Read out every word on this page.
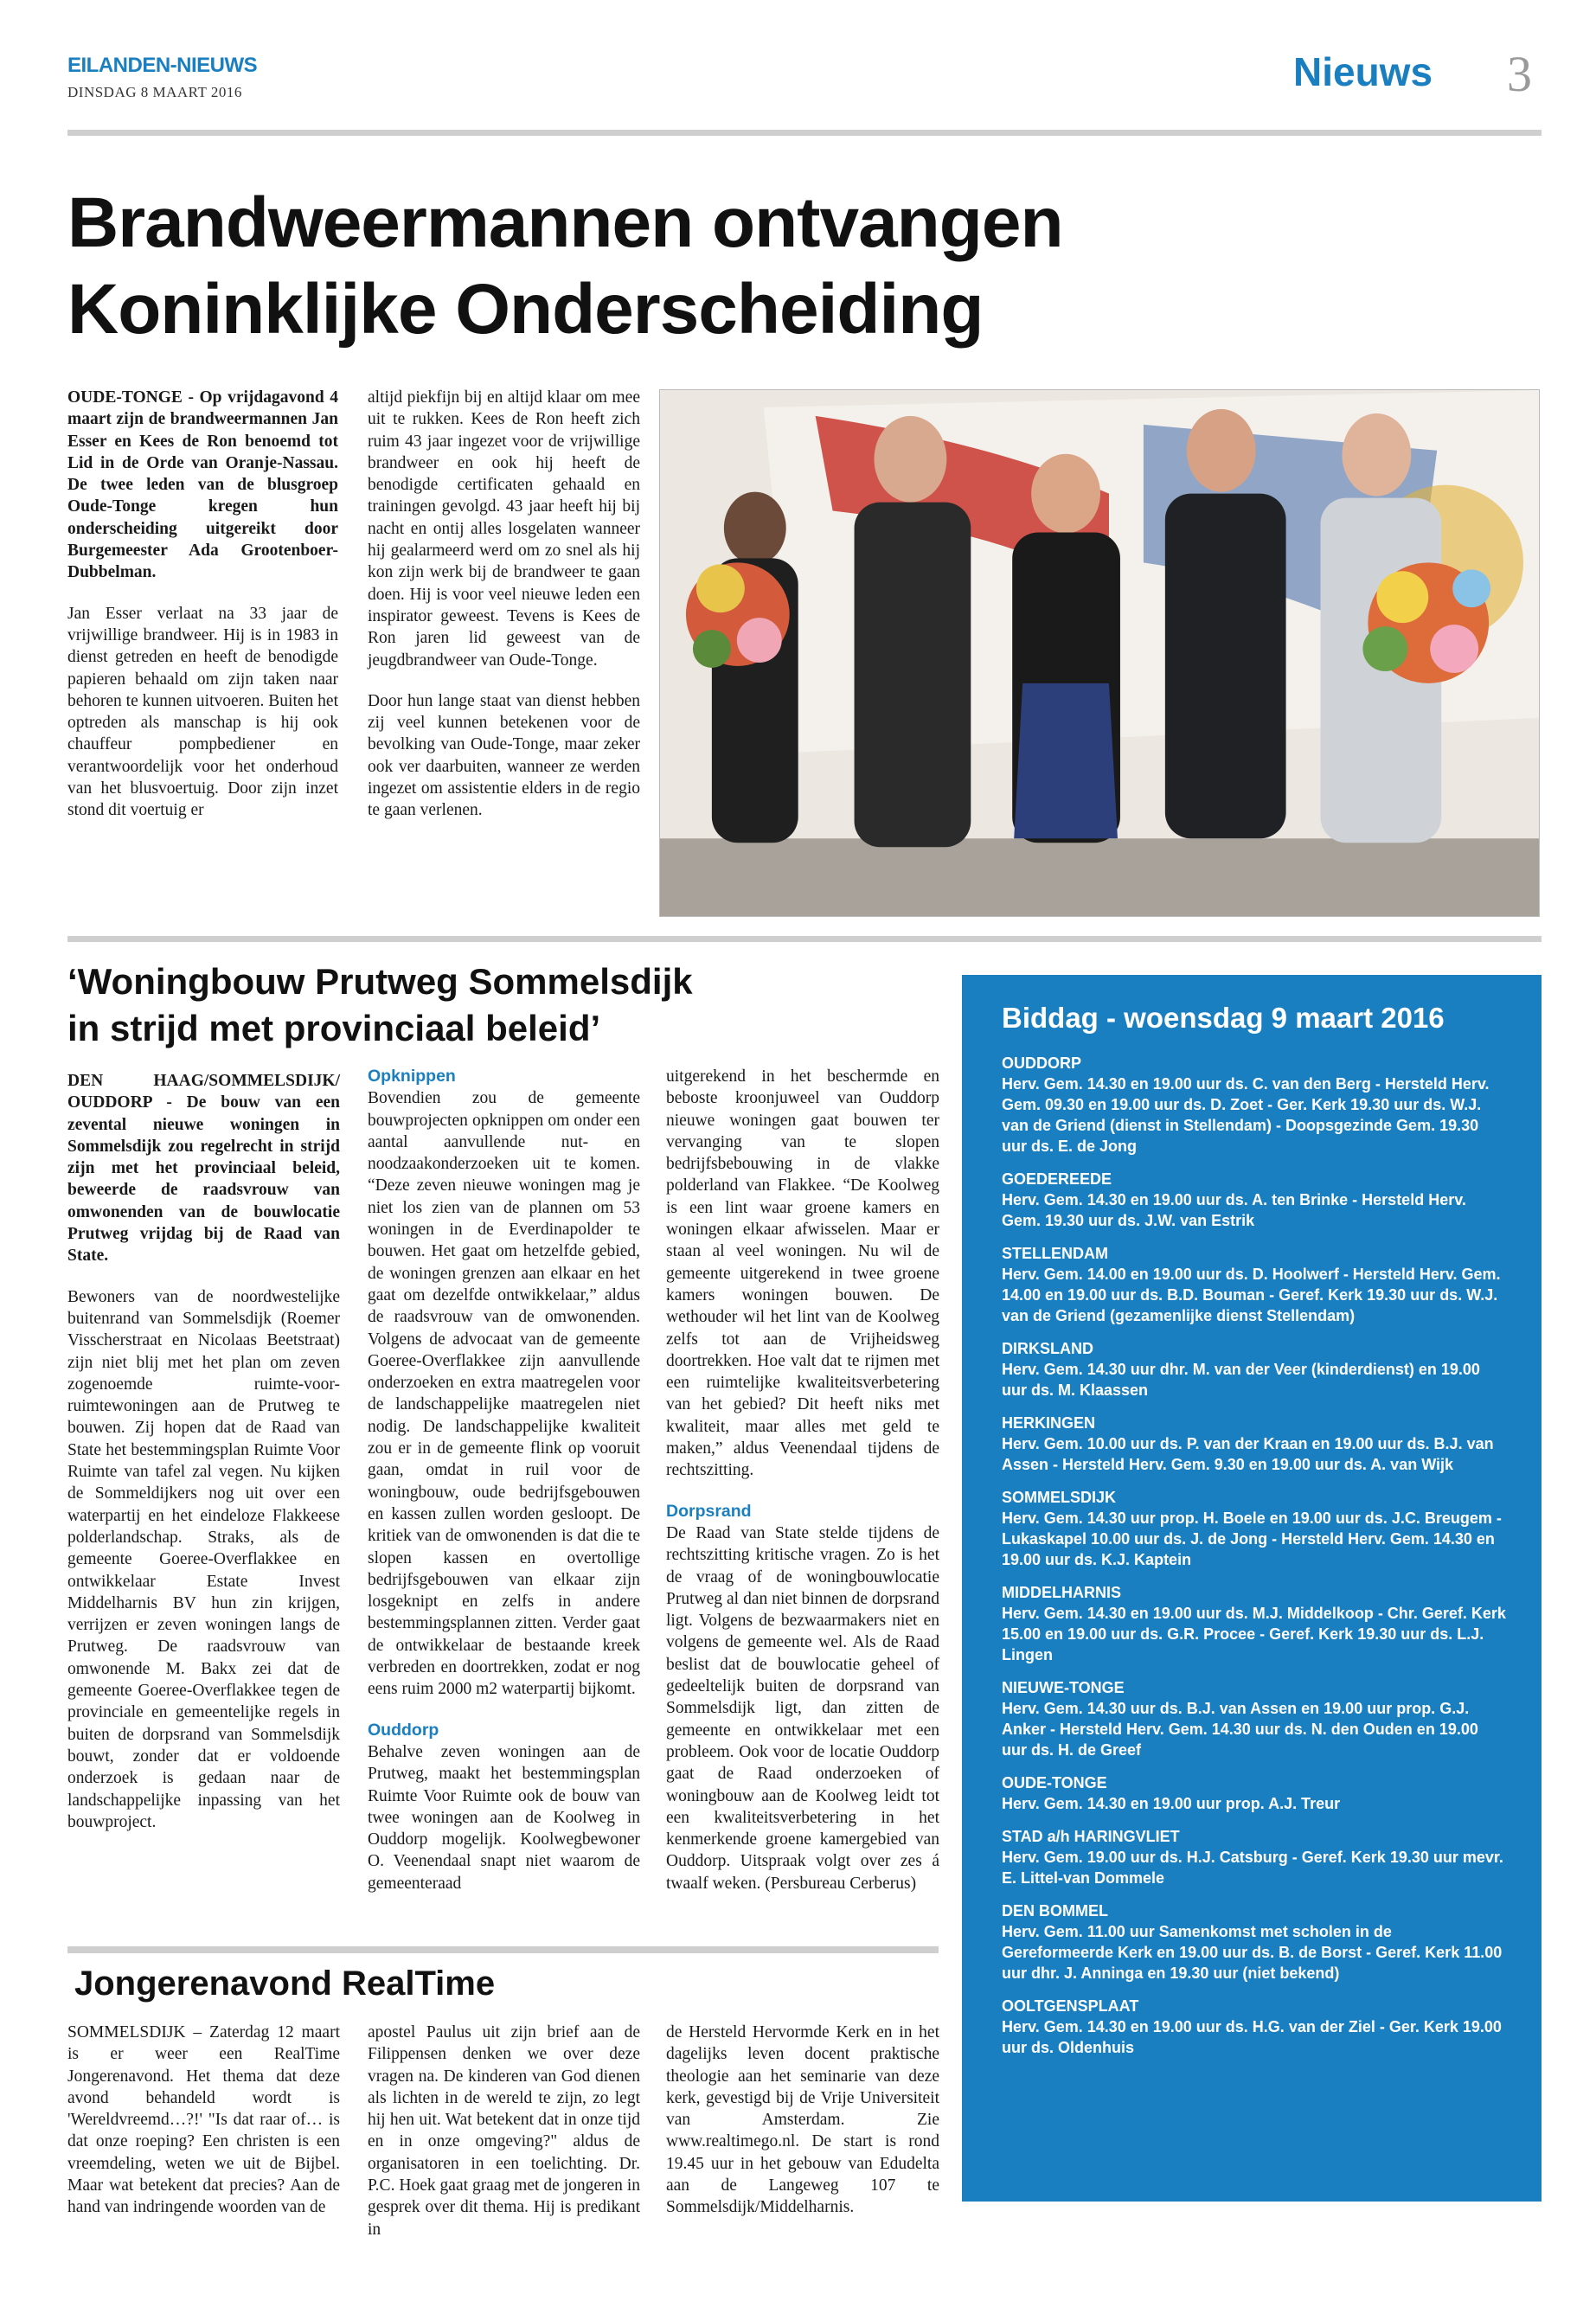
EILANDEN-NIEUWS
DINSDAG 8 MAART 2016	Nieuws 3
Brandweermannen ontvangen
Koninklijke Onderscheiding

OUDE-TONGE - Op vrijdagavond 4 maart zijn de brandweermannen Jan Esser en Kees de Ron benoemd tot Lid in de Orde van Oranje-Nassau. De twee leden van de blusgroep Oude-Tonge kregen hun onderscheiding uitgereikt door Burgemeester Ada Grootenboer-Dubbelman.

Jan Esser verlaat na 33 jaar de vrijwillige brandweer. Hij is in 1983 in dienst getreden en heeft de benodigde papieren behaald om zijn taken naar behoren te kunnen uitvoeren. Buiten het optreden als manschap is hij ook chauffeur pompbediener en verantwoordelijk voor het onderhoud van het blusvoertuig. Door zijn inzet stond dit voertuig er

altijd piekfijn bij en altijd klaar om mee uit te rukken. Kees de Ron heeft zich ruim 43 jaar ingezet voor de vrijwillige brandweer en ook hij heeft de benodigde certificaten gehaald en trainingen gevolgd. 43 jaar heeft hij bij nacht en ontij alles losgelaten wanneer hij gealarmeerd werd om zo snel als hij kon zijn werk bij de brandweer te gaan doen. Hij is voor veel nieuwe leden een inspirator geweest. Tevens is Kees de Ron jaren lid geweest van de jeugdbrandweer van Oude-Tonge.

Door hun lange staat van dienst hebben zij veel kunnen betekenen voor de bevolking van Oude-Tonge, maar zeker ook ver daarbuiten, wanneer ze werden ingezet om assistentie elders in de regio te gaan verlenen.

‘Woningbouw Prutweg Sommelsdijk
in strijd met provinciaal beleid’

DEN HAAG/SOMMELSDIJK/ OUDDORP - De bouw van een zevental nieuwe woningen in Sommelsdijk zou regelrecht in strijd zijn met het provinciaal beleid, beweerde de raadsvrouw van omwonenden van de bouwlocatie Prutweg vrijdag bij de Raad van State.

Bewoners van de noordwestelijke buitenrand van Sommelsdijk (Roemer Visscherstraat en Nicolaas Beetstraat) zijn niet blij met het plan om zeven zogenoemde ruimte-voor-ruimtewoningen aan de Prutweg te bouwen. Zij hopen dat de Raad van State het bestemmingsplan Ruimte Voor Ruimte van tafel zal vegen. Nu kijken de Sommeldijkers nog uit over een waterpartij en het eindeloze Flakkeese polderlandschap. Straks, als de gemeente Goeree-Overflakkee en ontwikkelaar Estate Invest Middelharnis BV hun zin krijgen, verrijzen er zeven woningen langs de Prutweg. De raadsvrouw van omwonende M. Bakx zei dat de gemeente Goeree-Overflakkee tegen de provinciale en gemeentelijke regels in buiten de dorpsrand van Sommelsdijk bouwt, zonder dat er voldoende onderzoek is gedaan naar de landschappelijke inpassing van het bouwproject.

Opknippen

Bovendien zou de gemeente bouwprojecten opknippen om onder een aantal aanvullende nut- en noodzaakonderzoeken uit te komen. “Deze zeven nieuwe woningen mag je niet los zien van de plannen om 53 woningen in de Everdinapolder te bouwen. Het gaat om hetzelfde gebied, de woningen grenzen aan elkaar en het gaat om dezelfde ontwikkelaar,” aldus de raadsvrouw van de omwonenden. Volgens de advocaat van de gemeente Goeree-Overflakkee zijn aanvullende onderzoeken en extra maatregelen voor de landschappelijke maatregelen niet nodig. De landschappelijke kwaliteit zou er in de gemeente flink op vooruit gaan, omdat in ruil voor de woningbouw, oude bedrijfsgebouwen en kassen zullen worden gesloopt. De kritiek van de omwonenden is dat die te slopen kassen en overtollige bedrijfsgebouwen van elkaar zijn losgeknipt en zelfs in andere bestemmingsplannen zitten. Verder gaat de ontwikkelaar de bestaande kreek verbreden en doortrekken, zodat er nog eens ruim 2000 m2 waterpartij bijkomt.

Ouddorp

Behalve zeven woningen aan de Prutweg, maakt het bestemmingsplan Ruimte Voor Ruimte ook de bouw van twee woningen aan de Koolweg in Ouddorp mogelijk. Koolwegbewoner O. Veenendaal snapt niet waarom de gemeenteraad

uitgerekend in het beschermde en beboste kroonjuweel van Ouddorp nieuwe woningen gaat bouwen ter vervanging van te slopen bedrijfsbebouwing in de vlakke polderland van Flakkee. “De Koolweg is een lint waar groene kamers en woningen elkaar afwisselen. Maar er staan al veel woningen. Nu wil de gemeente uitgerekend in twee groene kamers woningen bouwen. De wethouder wil het lint van de Koolweg zelfs tot aan de Vrijheidsweg doortrekken. Hoe valt dat te rijmen met een ruimtelijke kwaliteitsverbetering van het gebied? Dit heeft niks met kwaliteit, maar alles met geld te maken,” aldus Veenendaal tijdens de rechtszitting.

Dorpsrand

De Raad van State stelde tijdens de rechtszitting kritische vragen. Zo is het de vraag of de woningbouwlocatie Prutweg al dan niet binnen de dorpsrand ligt. Volgens de bezwaarmakers niet en volgens de gemeente wel. Als de Raad beslist dat de bouwlocatie geheel of gedeeltelijk buiten de dorpsrand van Sommelsdijk ligt, dan zitten de gemeente en ontwikkelaar met een probleem. Ook voor de locatie Ouddorp gaat de Raad onderzoeken of woningbouw aan de Koolweg leidt tot een kwaliteitsverbetering in het kenmerkende groene kamergebied van Ouddorp. Uitspraak volgt over zes á twaalf weken. (Persbureau Cerberus)

Biddag - woensdag 9 maart 2016
OUDDORP
Herv. Gem. 14.30 en 19.00 uur ds. C. van den Berg - Hersteld Herv. Gem. 09.30 en 19.00 uur ds. D. Zoet - Ger. Kerk 19.30 uur ds. W.J. van de Griend (dienst in Stellendam) - Doopsgezinde Gem. 19.30 uur ds. E. de Jong
GOEDEREEDE
Herv. Gem. 14.30 en 19.00 uur ds. A. ten Brinke - Hersteld Herv. Gem. 19.30 uur ds. J.W. van Estrik
STELLENDAM
Herv. Gem. 14.00 en 19.00 uur ds. D. Hoolwerf - Hersteld Herv. Gem. 14.00 en 19.00 uur ds. B.D. Bouman - Geref. Kerk 19.30 uur ds. W.J. van de Griend (gezamenlijke dienst Stellendam)
DIRKSLAND
Herv. Gem. 14.30 uur dhr. M. van der Veer (kinderdienst) en 19.00 uur ds. M. Klaassen
HERKINGEN
Herv. Gem. 10.00 uur ds. P. van der Kraan en 19.00 uur ds. B.J. van Assen - Hersteld Herv. Gem. 9.30 en 19.00 uur ds. A. van Wijk
SOMMELSDIJK
Herv. Gem. 14.30 uur prop. H. Boele en 19.00 uur ds. J.C. Breugem - Lukaskapel 10.00 uur ds. J. de Jong - Hersteld Herv. Gem. 14.30 en 19.00 uur ds. K.J. Kaptein
MIDDELHARNIS
Herv. Gem. 14.30 en 19.00 uur ds. M.J. Middelkoop - Chr. Geref. Kerk 15.00 en 19.00 uur ds. G.R. Procee - Geref. Kerk 19.30 uur ds. L.J. Lingen
NIEUWE-TONGE
Herv. Gem. 14.30 uur ds. B.J. van Assen en 19.00 uur prop. G.J. Anker - Hersteld Herv. Gem. 14.30 uur ds. N. den Ouden en 19.00 uur ds. H. de Greef
OUDE-TONGE
Herv. Gem. 14.30 en 19.00 uur prop. A.J. Treur
STAD a/h HARINGVLIET
Herv. Gem. 19.00 uur ds. H.J. Catsburg - Geref. Kerk 19.30 uur mevr. E. Littel-van Dommele
DEN BOMMEL
Herv. Gem. 11.00 uur Samenkomst met scholen in de Gereformeerde Kerk en 19.00 uur ds. B. de Borst - Geref. Kerk 11.00 uur dhr. J. Anninga en 19.30 uur (niet bekend)
OOLTGENSPLAAT
Herv. Gem. 14.30 en 19.00 uur ds. H.G. van der Ziel - Ger. Kerk 19.00 uur ds. Oldenhuis
Jongerenavond RealTime

SOMMELSDIJK – Zaterdag 12 maart is er weer een RealTime Jongerenavond. Het thema dat deze avond behandeld wordt is 'Wereldvreemd…?!' "Is dat raar of… is dat onze roeping? Een christen is een vreemdeling, weten we uit de Bijbel. Maar wat betekent dat precies? Aan de hand van indringende woorden van de

apostel Paulus uit zijn brief aan de Filippensen denken we over deze vragen na. De kinderen van God dienen als lichten in de wereld te zijn, zo legt hij hen uit. Wat betekent dat in onze tijd en in onze omgeving?" aldus de organisatoren in een toelichting. Dr. P.C. Hoek gaat graag met de jongeren in gesprek over dit thema. Hij is predikant in

de Hersteld Hervormde Kerk en in het dagelijks leven docent praktische theologie aan het seminarie van deze kerk, gevestigd bij de Vrije Universiteit van Amsterdam. Zie www.realtimego.nl. De start is rond 19.45 uur in het gebouw van Edudelta aan de Langeweg 107 te Sommelsdijk/Middelharnis.
